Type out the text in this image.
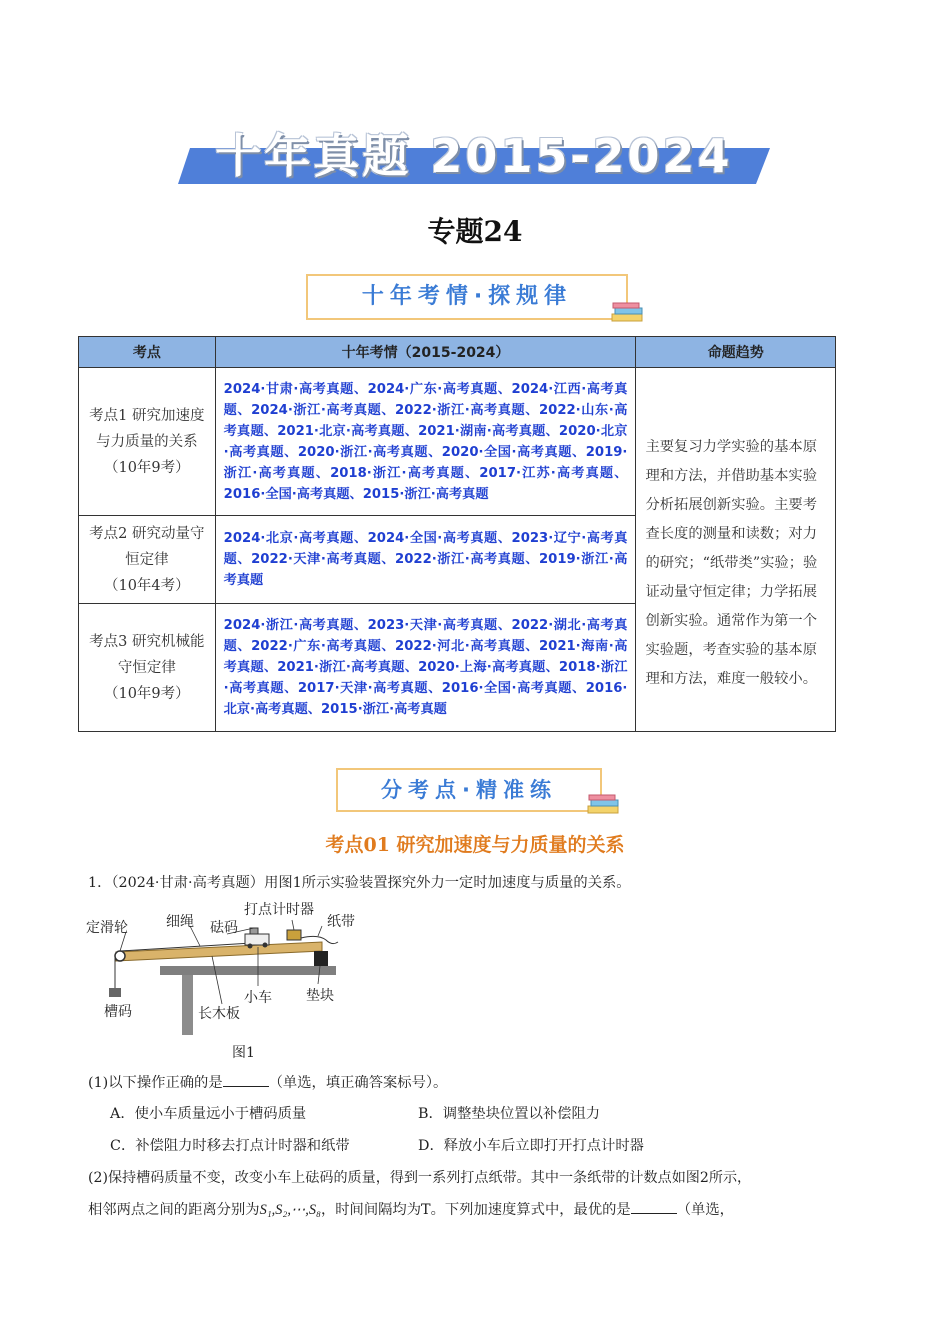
十年真题 2015-2024
专题24
十年考情·探规律
考点	十年考情（2015-2024）	命题趋势

考点1 研究加速度与力质量的关系
（10年9考）	2024·甘肃·高考真题、2024·广东·高考真题、2024·江西·高考真题、2024·浙江·高考真题、2022·浙江·高考真题、2022·山东·高考真题、2021·北京·高考真题、2021·湖南·高考真题、2020·北京·高考真题、2020·浙江·高考真题、2020·全国·高考真题、2019·浙江·高考真题、2018·浙江·高考真题、2017·江苏·高考真题、2016·全国·高考真题、2015·浙江·高考真题	主要复习力学实验的基本原理和方法，并借助基本实验分析拓展创新实验。主要考查长度的测量和读数；对力的研究；“纸带类”实验；验证动量守恒定律；力学拓展创新实验。通常作为第一个实验题，考查实验的基本原理和方法，难度一般较小。

考点2 研究动量守恒定律
（10年4考）	2024·北京·高考真题、2024·全国·高考真题、2023·辽宁·高考真题、2022·天津·高考真题、2022·浙江·高考真题、2019·浙江·高考真题	

考点3 研究机械能守恒定律
（10年9考）	2024·浙江·高考真题、2023·天津·高考真题、2022·湖北·高考真题、2022·广东·高考真题、2022·河北·高考真题、2021·海南·高考真题、2021·浙江·高考真题、2020·上海·高考真题、2018·浙江·高考真题、2017·天津·高考真题、2016·全国·高考真题、2016·北京·高考真题、2015·浙江·高考真题	
分考点·精准练
考点01 研究加速度与力质量的关系
1．（2024·甘肃·高考真题）用图1所示实验装置探究外力一定时加速度与质量的关系。
定滑轮	细绳 砝码
打点计时器
纸带
槽码	长木板
小车 垫块
图1
(1)以下操作正确的是	（单选，填正确答案标号）。
A．使小车质量远小于槽码质量	B．调整垫块位置以补偿阻力
C．补偿阻力时移去打点计时器和纸带	D．释放小车后立即打开打点计时器
(2)保持槽码质量不变，改变小车上砝码的质量，得到一系列打点纸带。其中一条纸带的计数点如图2所示，
相邻两点之间的距离分别为S₁,S₂,⋯,S₈，时间间隔均为T。下列加速度算式中，最优的是	（单选，
